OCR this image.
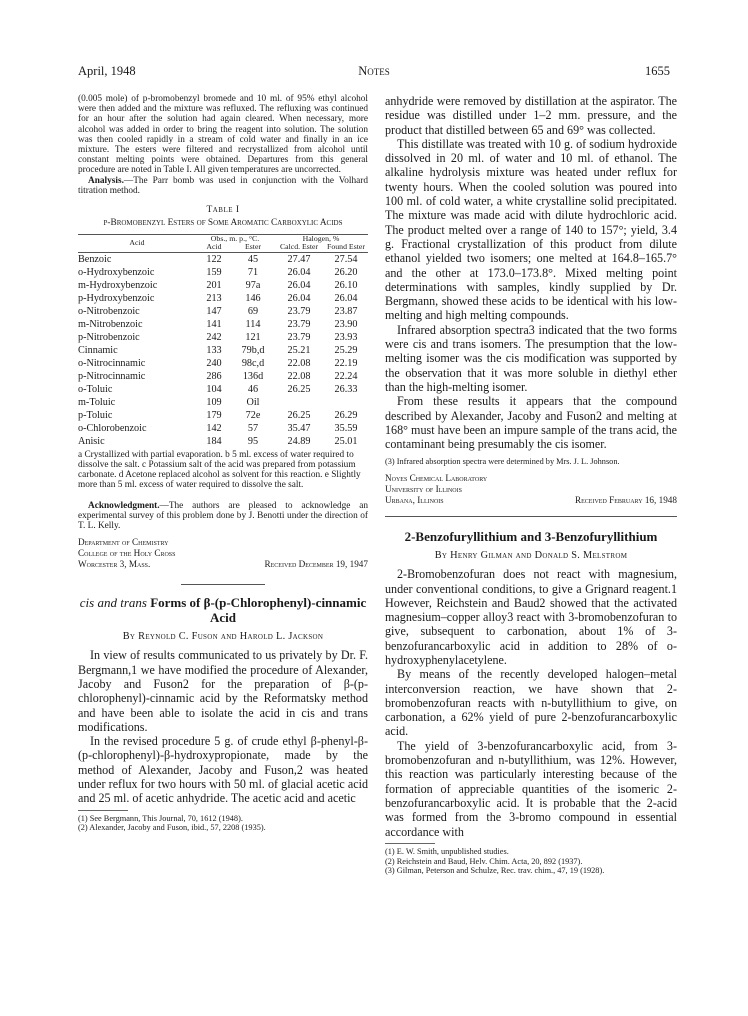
April, 1948	Notes	1655

(0.005 mole) of p-bromobenzyl bromede and 10 ml. of 95% ethyl alcohol were then added and the mixture was refluxed. The refluxing was continued for an hour after the solution had again cleared. When necessary, more alcohol was added in order to bring the reagent into solution. The solution was then cooled rapidly in a stream of cold water and finally in an ice mixture. The esters were filtered and recrystallized from alcohol until constant melting points were obtained. Departures from this general procedure are noted in Table I. All given temperatures are uncorrected.

Analysis.—The Parr bomb was used in conjunction with the Volhard titration method.

Table I
p-Bromobenzyl Esters of Some Aromatic Carboxylic Acids
Acid	Obs., m. p., °C.		Halogen, %	
	Acid	Ester	Calcd. Ester	Found Ester
Benzoic	122	45	27.47	27.54
o-Hydroxybenzoic	159	71	26.04	26.20
m-Hydroxybenzoic	201	97a	26.04	26.10
p-Hydroxybenzoic	213	146	26.04	26.04
o-Nitrobenzoic	147	69	23.79	23.87
m-Nitrobenzoic	141	114	23.79	23.90
p-Nitrobenzoic	242	121	23.79	23.93
Cinnamic	133	79b,d	25.21	25.29
o-Nitrocinnamic	240	98c,d	22.08	22.19
p-Nitrocinnamic	286	136d	22.08	22.24
o-Toluic	104	46	26.25	26.33
m-Toluic	109	Oil		
p-Toluic	179	72e	26.25	26.29
o-Chlorobenzoic	142	57	35.47	35.59
Anisic	184	95	24.89	25.01
a Crystallized with partial evaporation. b 5 ml. excess of water required to dissolve the salt. c Potassium salt of the acid was prepared from potassium carbonate. d Acetone replaced alcohol as solvent for this reaction. e Slightly more than 5 ml. excess of water required to dissolve the salt.

Acknowledgment.—The authors are pleased to acknowledge an experimental survey of this problem done by J. Benotti under the direction of T. L. Kelly.

Department of Chemistry
College of the Holy Cross
Worcester 3, Mass.	Received December 19, 1947
cis and trans Forms of β-(p-Chlorophenyl)-cinnamic Acid
By Reynold C. Fuson and Harold L. Jackson

In view of results communicated to us privately by Dr. F. Bergmann,1 we have modified the procedure of Alexander, Jacoby and Fuson2 for the preparation of β-(p-chlorophenyl)-cinnamic acid by the Reformatsky method and have been able to isolate the acid in cis and trans modifications.

In the revised procedure 5 g. of crude ethyl β-phenyl-β-(p-chlorophenyl)-β-hydroxypropionate, made by the method of Alexander, Jacoby and Fuson,2 was heated under reflux for two hours with 50 ml. of glacial acetic acid and 25 ml. of acetic anhydride. The acetic acid and acetic

(1) See Bergmann, This Journal, 70, 1612 (1948).
(2) Alexander, Jacoby and Fuson, ibid., 57, 2208 (1935).

anhydride were removed by distillation at the aspirator. The residue was distilled under 1–2 mm. pressure, and the product that distilled between 65 and 69° was collected.

This distillate was treated with 10 g. of sodium hydroxide dissolved in 20 ml. of water and 10 ml. of ethanol. The alkaline hydrolysis mixture was heated under reflux for twenty hours. When the cooled solution was poured into 100 ml. of cold water, a white crystalline solid precipitated. The mixture was made acid with dilute hydrochloric acid. The product melted over a range of 140 to 157°; yield, 3.4 g. Fractional crystallization of this product from dilute ethanol yielded two isomers; one melted at 164.8–165.7° and the other at 173.0–173.8°. Mixed melting point determinations with samples, kindly supplied by Dr. Bergmann, showed these acids to be identical with his low-melting and high melting compounds.

Infrared absorption spectra3 indicated that the two forms were cis and trans isomers. The presumption that the low-melting isomer was the cis modification was supported by the observation that it was more soluble in diethyl ether than the high-melting isomer.

From these results it appears that the compound described by Alexander, Jacoby and Fuson2 and melting at 168° must have been an impure sample of the trans acid, the contaminant being presumably the cis isomer.

(3) Infrared absorption spectra were determined by Mrs. J. L. Johnson.
Noyes Chemical Laboratory
University of Illinois
Urbana, Illinois	Received February 16, 1948
2-Benzofuryllithium and 3-Benzofuryllithium
By Henry Gilman and Donald S. Melstrom

2-Bromobenzofuran does not react with magnesium, under conventional conditions, to give a Grignard reagent.1 However, Reichstein and Baud2 showed that the activated magnesium–copper alloy3 react with 3-bromobenzofuran to give, subsequent to carbonation, about 1% of 3-benzofurancarboxylic acid in addition to 28% of o-hydroxyphenylacetylene.

By means of the recently developed halogen–metal interconversion reaction, we have shown that 2-bromobenzofuran reacts with n-butyllithium to give, on carbonation, a 62% yield of pure 2-benzofurancarboxylic acid.

The yield of 3-benzofurancarboxylic acid, from 3-bromobenzofuran and n-butyllithium, was 12%. However, this reaction was particularly interesting because of the formation of appreciable quantities of the isomeric 2-benzofurancarboxylic acid. It is probable that the 2-acid was formed from the 3-bromo compound in essential accordance with

(1) E. W. Smith, unpublished studies.
(2) Reichstein and Baud, Helv. Chim. Acta, 20, 892 (1937).
(3) Gilman, Peterson and Schulze, Rec. trav. chim., 47, 19 (1928).
